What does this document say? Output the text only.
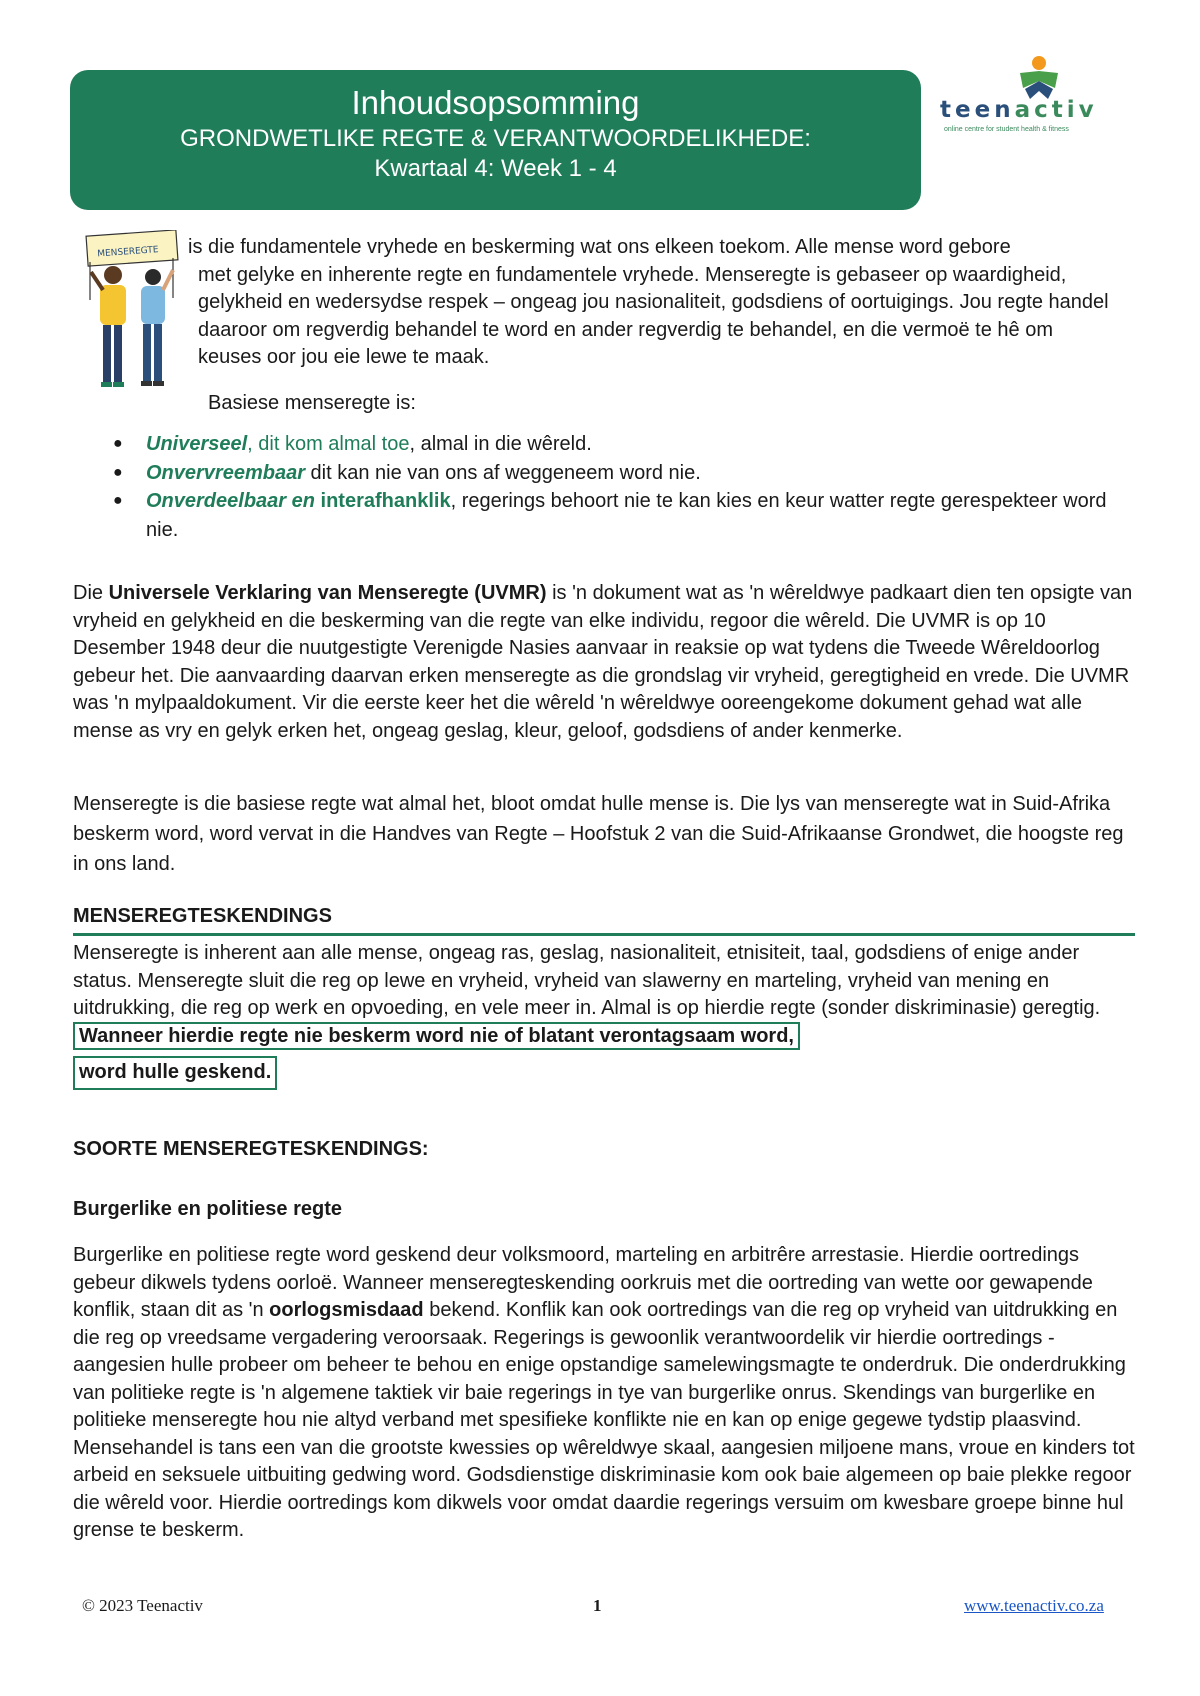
Inhoudsopsomming
GRONDWETLIKE REGTE & VERANTWOORDELIKHEDE:
Kwartaal 4: Week 1 - 4
teenactiv
online centre for student health & fitness
MENSEREGTE is die fundamentele vryhede en beskerming wat ons elkeen toekom. Alle mense word gebore
met gelyke en inherente regte en fundamentele vryhede. Menseregte is gebaseer op waardigheid, gelykheid en wedersydse respek – ongeag jou nasionaliteit, godsdiens of oortuigings. Jou regte handel daaroor om regverdig behandel te word en ander regverdig te behandel, en die vermoë te hê om keuses oor jou eie lewe te maak.
Basiese menseregte is:
● Universeel, dit kom almal toe, almal in die wêreld.
● Onvervreembaar dit kan nie van ons af weggeneem word nie.
● Onverdeelbaar en interafhanklik, regerings behoort nie te kan kies en keur watter regte gerespekteer word nie.
Die Universele Verklaring van Menseregte (UVMR) is 'n dokument wat as 'n wêreldwye padkaart dien ten opsigte van vryheid en gelykheid en die beskerming van die regte van elke individu, regoor die wêreld. Die UVMR is op 10 Desember 1948 deur die nuutgestigte Verenigde Nasies aanvaar in reaksie op wat tydens die Tweede Wêreldoorlog gebeur het. Die aanvaarding daarvan erken menseregte as die grondslag vir vryheid, geregtigheid en vrede. Die UVMR was 'n mylpaaldokument. Vir die eerste keer het die wêreld 'n wêreldwye ooreengekome dokument gehad wat alle mense as vry en gelyk erken het, ongeag geslag, kleur, geloof, godsdiens of ander kenmerke.
Menseregte is die basiese regte wat almal het, bloot omdat hulle mense is. Die lys van menseregte wat in Suid-Afrika beskerm word, word vervat in die Handves van Regte – Hoofstuk 2 van die Suid-Afrikaanse Grondwet, die hoogste reg in ons land.
MENSEREGTESKENDINGS
Menseregte is inherent aan alle mense, ongeag ras, geslag, nasionaliteit, etnisiteit, taal, godsdiens of enige ander status. Menseregte sluit die reg op lewe en vryheid, vryheid van slawerny en marteling, vryheid van mening en uitdrukking, die reg op werk en opvoeding, en vele meer in. Almal is op hierdie regte (sonder diskriminasie) geregtig. Wanneer hierdie regte nie beskerm word nie of blatant verontagsaam word,
word hulle geskend.
SOORTE MENSEREGTESKENDINGS:
Burgerlike en politiese regte
Burgerlike en politiese regte word geskend deur volksmoord, marteling en arbitrêre arrestasie. Hierdie oortredings gebeur dikwels tydens oorloë. Wanneer menseregteskending oorkruis met die oortreding van wette oor gewapende konflik, staan dit as 'n oorlogsmisdaad bekend. Konflik kan ook oortredings van die reg op vryheid van uitdrukking en die reg op vreedsame vergadering veroorsaak. Regerings is gewoonlik verantwoordelik vir hierdie oortredings - aangesien hulle probeer om beheer te behou en enige opstandige samelewingsmagte te onderdruk. Die onderdrukking van politieke regte is 'n algemene taktiek vir baie regerings in tye van burgerlike onrus. Skendings van burgerlike en politieke menseregte hou nie altyd verband met spesifieke konflikte nie en kan op enige gegewe tydstip plaasvind. Mensehandel is tans een van die grootste kwessies op wêreldwye skaal, aangesien miljoene mans, vroue en kinders tot arbeid en seksuele uitbuiting gedwing word. Godsdienstige diskriminasie kom ook baie algemeen op baie plekke regoor die wêreld voor. Hierdie oortredings kom dikwels voor omdat daardie regerings versuim om kwesbare groepe binne hul grense te beskerm.
© 2023 Teenactiv	1	www.teenactiv.co.za
